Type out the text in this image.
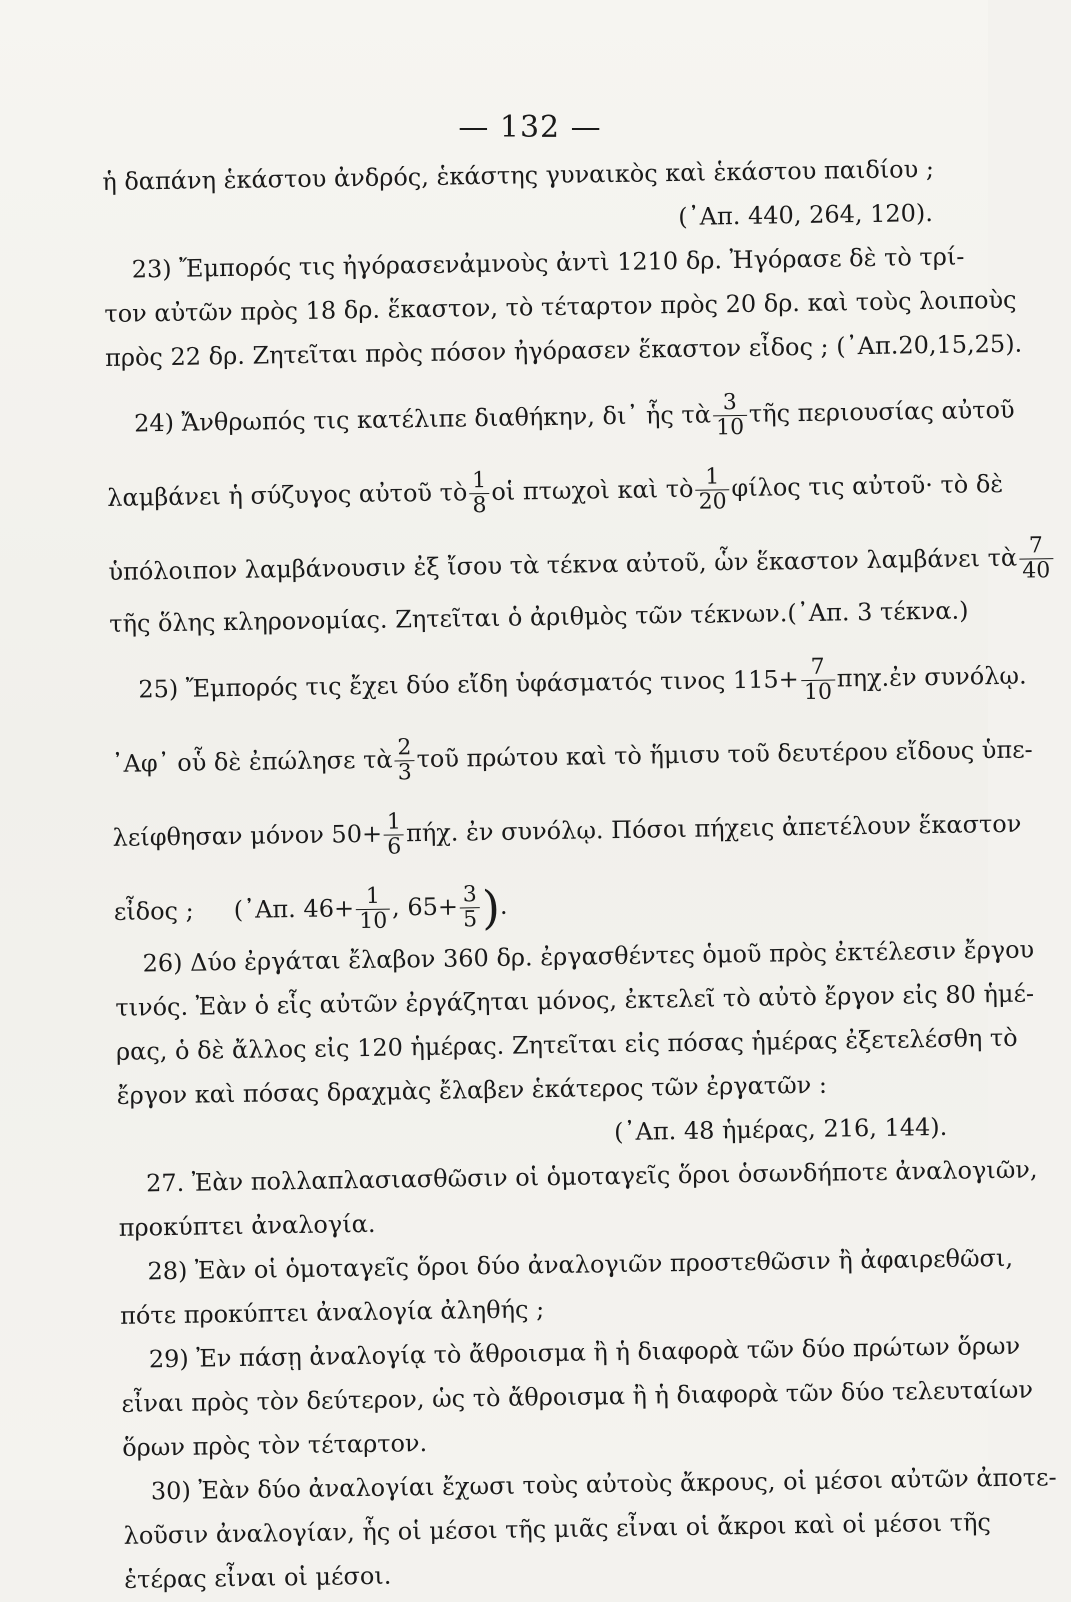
— 132 —
ἡ δαπάνη ἑκάστου ἀνδρός, ἑκάστης γυναικὸς καὶ ἑκάστου παιδίου ;
(᾿Απ. 440, 264, 120).
23) Ἔμπορός τις ἠγόρασεν ἀμνοὺς ἀντὶ 1210 δρ. Ἠγόρασε δὲ τὸ τρί-
τον αὐτῶν πρὸς 18 δρ. ἕκαστον, τὸ τέταρτον πρὸς 20 δρ. καὶ τοὺς λοιποὺς
πρὸς 22 δρ. Ζητεῖται πρὸς πόσον ἠγόρασεν ἕκαστον εἶδος ; (᾿Απ.20,15,25).
24) Ἄνθρωπός τις κατέλιπε διαθήκην, δι᾿ ἧς τὰ $\frac{3}{10}$ τῆς περιουσίας αὐτοῦ
λαμβάνει ἡ σύζυγος αὐτοῦ τὸ $\frac{1}{8}$ οἱ πτωχοὶ καὶ τὸ $\frac{1}{20}$ φίλος τις αὐτοῦ· τὸ δὲ
ὑπόλοιπον λαμβάνουσιν ἐξ ἴσου τὰ τέκνα αὐτοῦ, ὧν ἕκαστον λαμβάνει τὰ $\frac{7}{40}$
τῆς ὅλης κληρονομίας. Ζητεῖται ὁ ἀριθμὸς τῶν τέκνων. (᾿Απ. 3 τέκνα.)
25) Ἔμπορός τις ἔχει δύο εἴδη ὑφάσματός τινος $115+ \frac{7}{10}$ πηχ.ἐν συνόλῳ.
᾿Αφ᾿ οὗ δὲ ἐπώλησε τὰ $\frac{2}{3}$ τοῦ πρώτου καὶ τὸ ἥμισυ τοῦ δευτέρου εἴδους ὑπε-
λείφθησαν μόνον $50+ \frac{1}{6} \pi ή\chi$. ἐν συνόλῳ. Πόσοι πήχεις ἀπετέλουν ἕκαστον
εἶδος ; (᾿Απ. $46+ \frac{1}{10}$ , $65+ \frac{3}{5}$ ).
26) Δύο ἐργάται ἔλαβον 360 δρ. ἐργασθέντες ὁμοῦ πρὸς ἐκτέλεσιν ἔργου
τινός. Ἐὰν ὁ εἷς αὐτῶν ἐργάζηται μόνος, ἐκτελεῖ τὸ αὐτὸ ἔργον εἰς 80 ἡμέ-
ρας, ὁ δὲ ἄλλος εἰς 120 ἡμέρας. Ζητεῖται εἰς πόσας ἡμέρας ἐξετελέσθη τὸ
ἔργον καὶ πόσας δραχμὰς ἔλαβεν ἑκάτερος τῶν ἐργατῶν :
(᾿Απ. 48 ἡμέρας, 216, 144).
27. Ἐὰν πολλαπλασιασθῶσιν οἱ ὁμοταγεῖς ὅροι ὁσωνδήποτε ἀναλογιῶν,
προκύπτει ἀναλογία.
28) Ἐὰν οἱ ὁμοταγεῖς ὅροι δύο ἀναλογιῶν προστεθῶσιν ἢ ἀφαιρεθῶσι,
πότε προκύπτει ἀναλογία ἀληθής ;
29) Ἐν πάσῃ ἀναλογίᾳ τὸ ἄθροισμα ἢ ἡ διαφορὰ τῶν δύο πρώτων ὅρων
εἶναι πρὸς τὸν δεύτερον, ὡς τὸ ἄθροισμα ἢ ἡ διαφορὰ τῶν δύο τελευταίων
ὅρων πρὸς τὸν τέταρτον.
30) Ἐὰν δύο ἀναλογίαι ἔχωσι τοὺς αὐτοὺς ἄκρους, οἱ μέσοι αὐτῶν ἀποτε-
λοῦσιν ἀναλογίαν, ἧς οἱ μέσοι τῆς μιᾶς εἶναι οἱ ἄκροι καὶ οἱ μέσοι τῆς
ἑτέρας εἶναι οἱ μέσοι.
